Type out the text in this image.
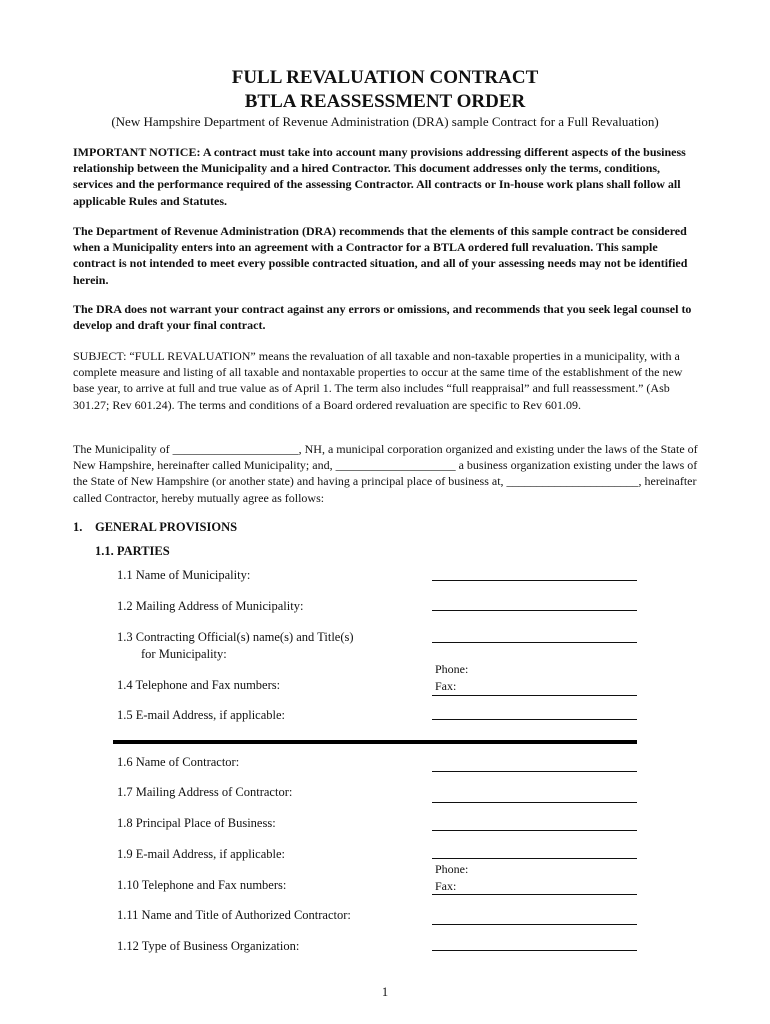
FULL REVALUATION CONTRACT
BTLA REASSESSMENT ORDER
(New Hampshire Department of Revenue Administration (DRA) sample Contract for a Full Revaluation)

IMPORTANT NOTICE: A contract must take into account many provisions addressing different aspects of the business relationship between the Municipality and a hired Contractor. This document addresses only the terms, conditions, services and the performance required of the assessing Contractor. All contracts or In-house work plans shall follow all applicable Rules and Statutes.

The Department of Revenue Administration (DRA) recommends that the elements of this sample contract be considered when a Municipality enters into an agreement with a Contractor for a BTLA ordered full revaluation. This sample contract is not intended to meet every possible contracted situation, and all of your assessing needs may not be identified herein.

The DRA does not warrant your contract against any errors or omissions, and recommends that you seek legal counsel to develop and draft your final contract.

SUBJECT: “FULL REVALUATION” means the revaluation of all taxable and non-taxable properties in a municipality, with a complete measure and listing of all taxable and nontaxable properties to occur at the same time of the establishment of the new base year, to arrive at full and true value as of April 1. The term also includes “full reappraisal” and full reassessment.” (Asb 301.27; Rev 601.24). The terms and conditions of a Board ordered revaluation are specific to Rev 601.09.

The Municipality of _____________________, NH, a municipal corporation organized and existing under the laws of the State of New Hampshire, hereinafter called Municipality; and, ____________________ a business organization existing under the laws of the State of New Hampshire (or another state) and having a principal place of business at, ______________________, hereinafter called Contractor, hereby mutually agree as follows:

1. GENERAL PROVISIONS
1.1. PARTIES
1.1 Name of Municipality:
1.2 Mailing Address of Municipality:
1.3 Contracting Official(s) name(s) and Title(s)
for Municipality:
Phone:
Fax:
1.4 Telephone and Fax numbers:
1.5 E-mail Address, if applicable:
1.6 Name of Contractor:
1.7 Mailing Address of Contractor:
1.8 Principal Place of Business:
1.9 E-mail Address, if applicable:
Phone:
Fax:
1.10 Telephone and Fax numbers:
1.11 Name and Title of Authorized Contractor:
1.12 Type of Business Organization:
1
